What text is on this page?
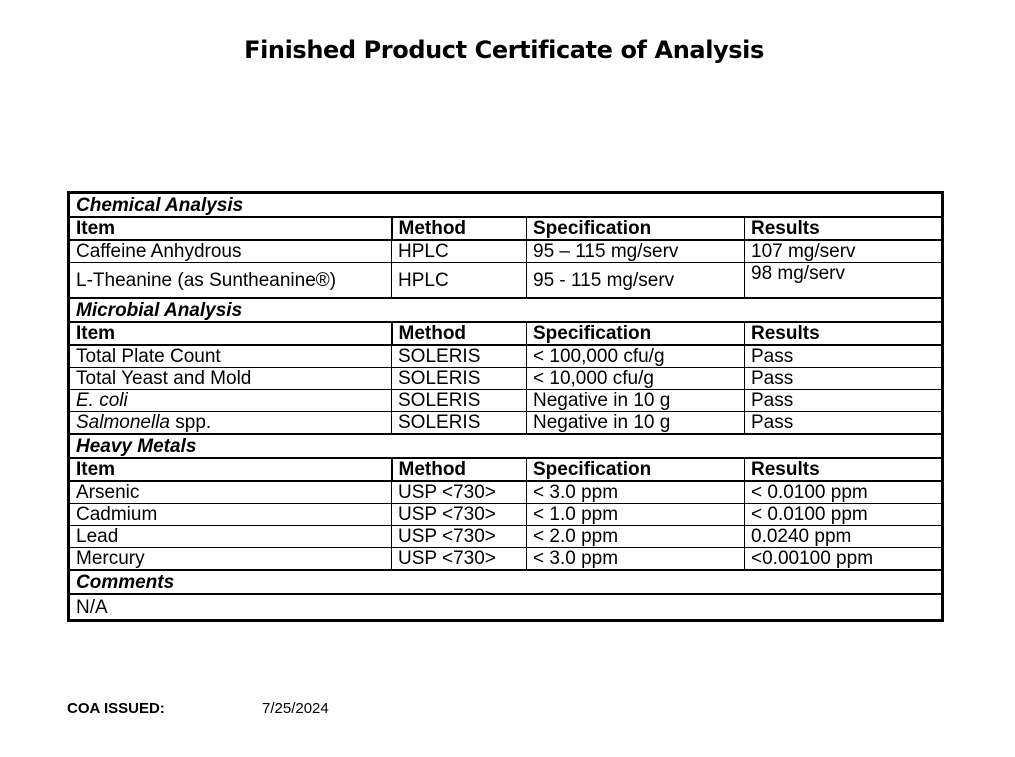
Finished Product Certificate of Analysis
Chemical Analysis			
Item	Method	Specification	Results
Caffeine Anhydrous	HPLC	95 – 115 mg/serv	107 mg/serv
L-Theanine (as Suntheanine®)	HPLC	95 - 115 mg/serv	98 mg/serv
Microbial Analysis			
Item	Method	Specification	Results
Total Plate Count	SOLERIS	< 100,000 cfu/g	Pass
Total Yeast and Mold	SOLERIS	< 10,000 cfu/g	Pass
E. coli	SOLERIS	Negative in 10 g	Pass
Salmonella spp.	SOLERIS	Negative in 10 g	Pass
Heavy Metals			
Item	Method	Specification	Results
Arsenic	USP <730>	< 3.0 ppm	< 0.0100 ppm
Cadmium	USP <730>	< 1.0 ppm	< 0.0100 ppm
Lead	USP <730>	< 2.0 ppm	0.0240 ppm
Mercury	USP <730>	< 3.0 ppm	<0.00100 ppm
Comments			
N/A			
COA ISSUED:	7/25/2024
